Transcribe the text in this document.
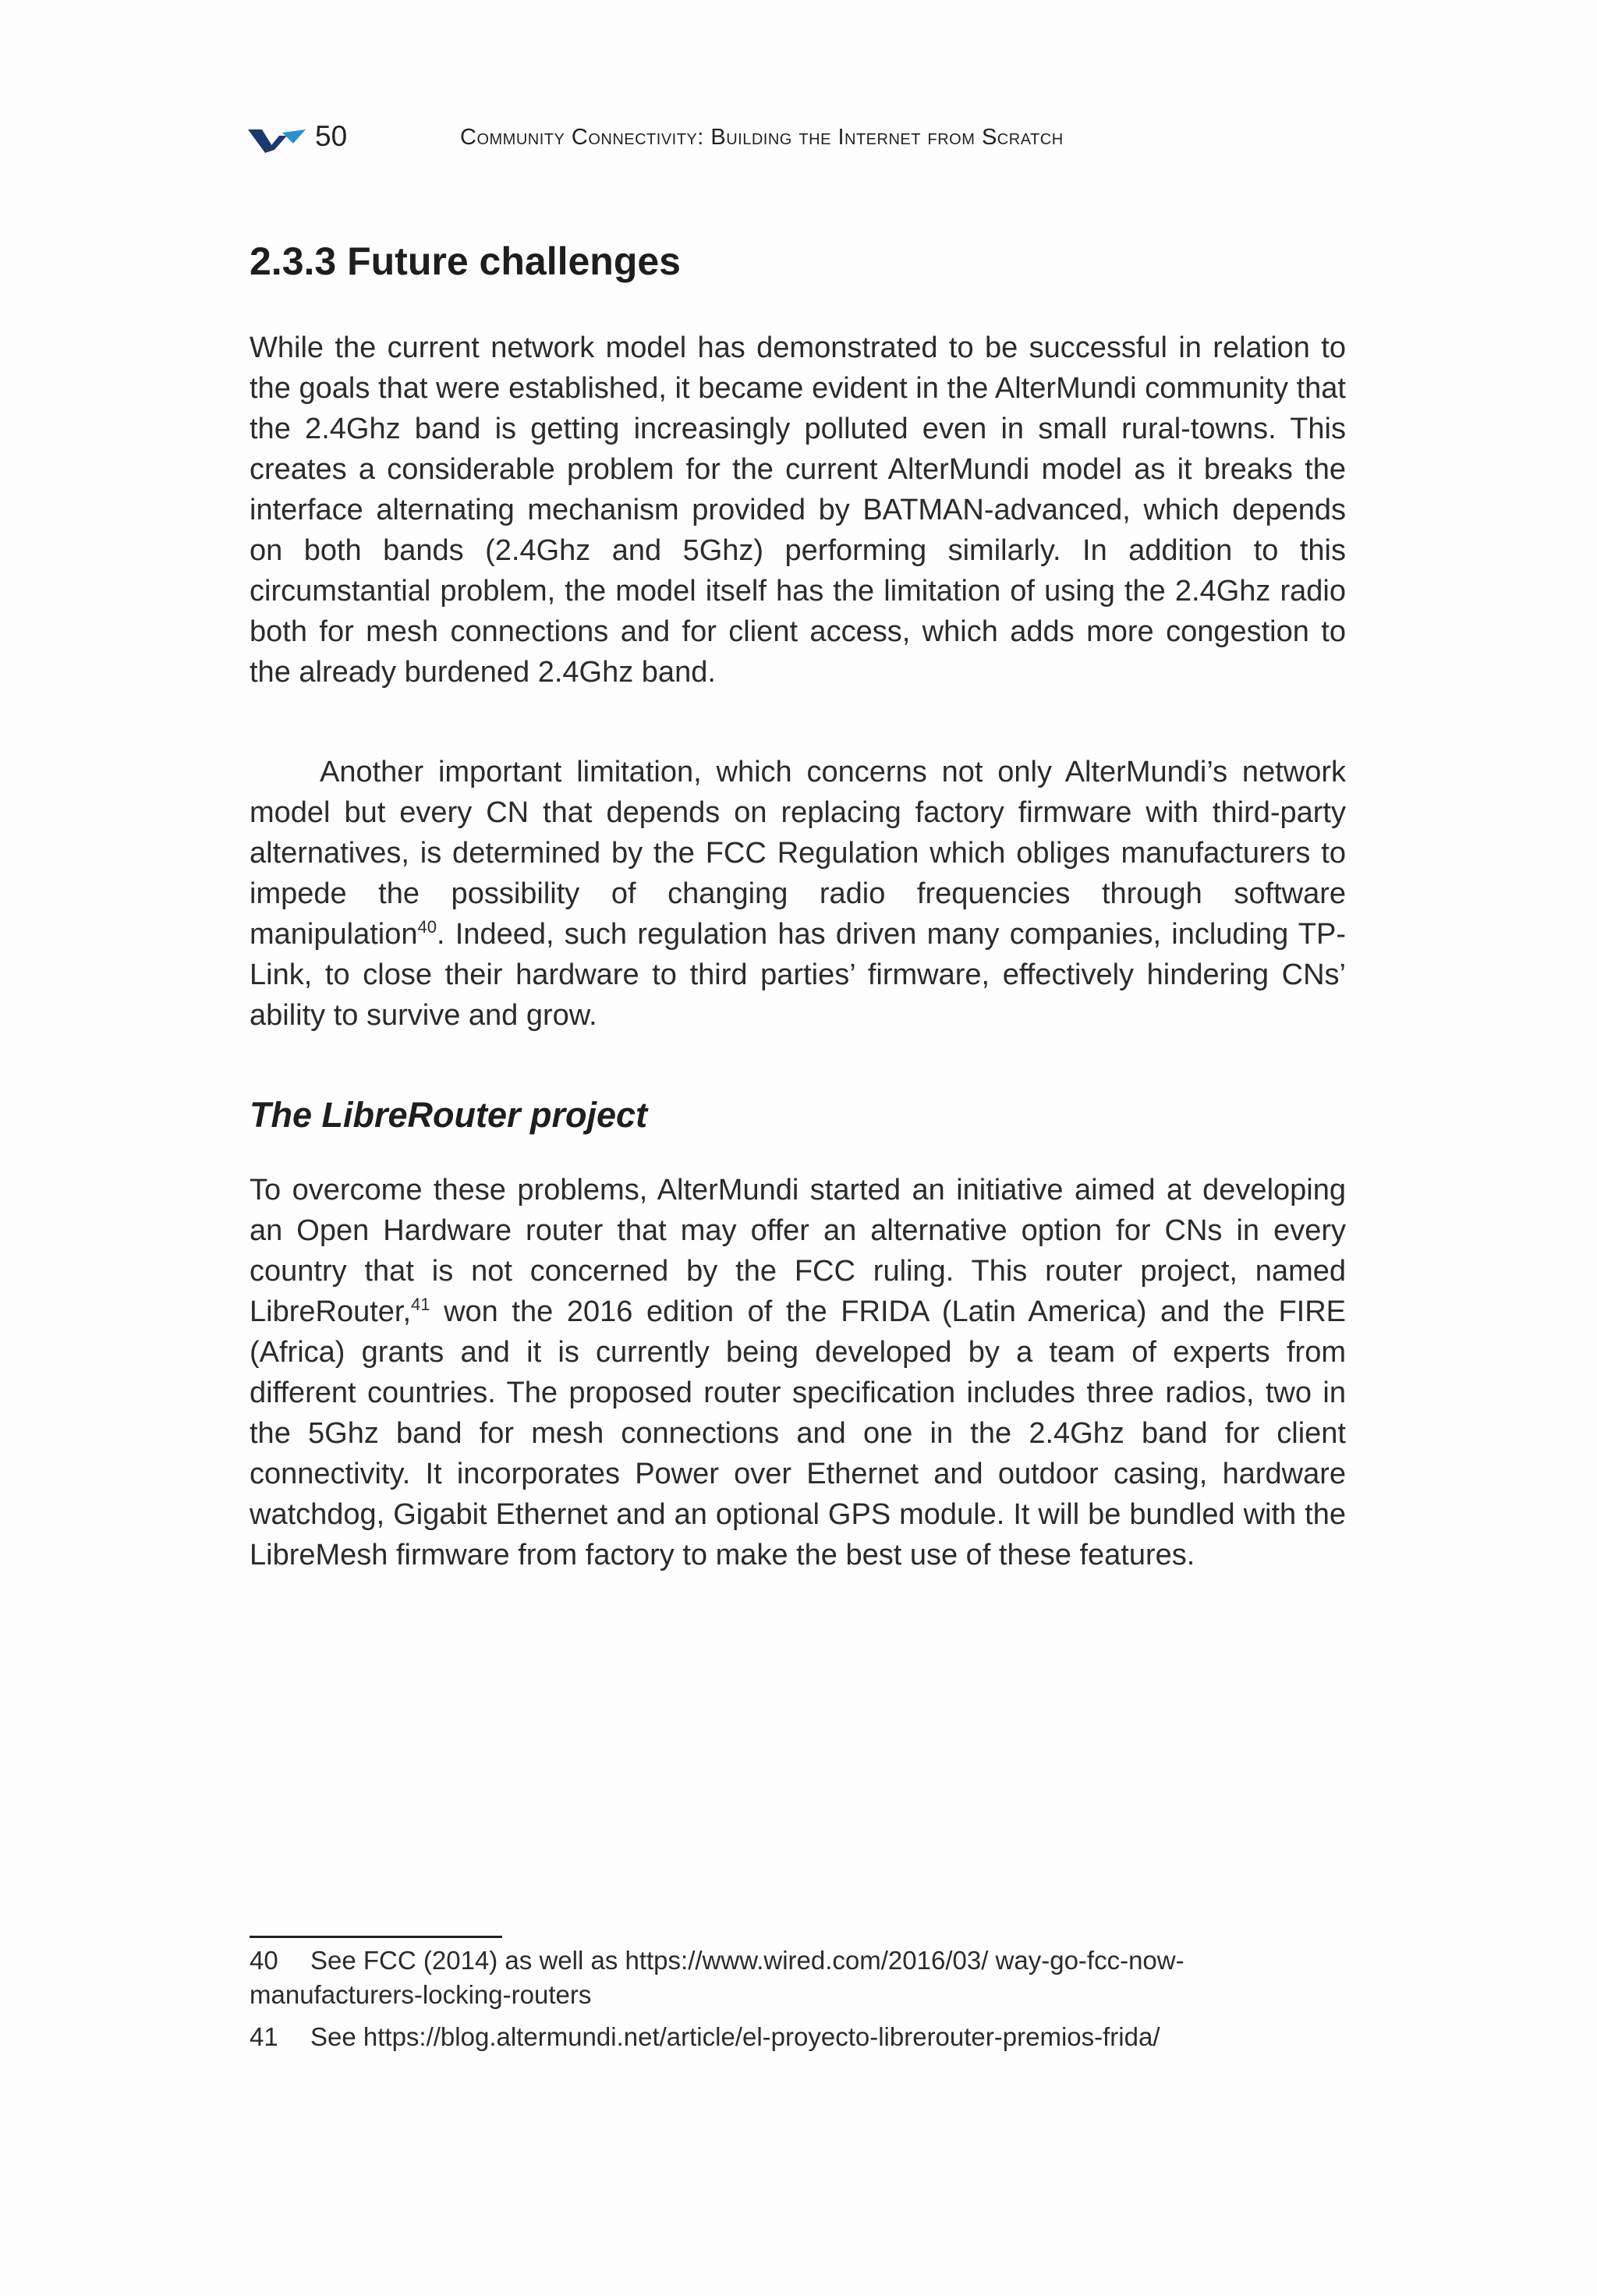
50	Community Connectivity: Building the Internet from Scratch
2.3.3 Future challenges

While the current network model has demonstrated to be successful in relation to the goals that were established, it became evident in the AlterMundi community that the 2.4Ghz band is getting increasingly polluted even in small rural-towns. This creates a considerable problem for the current AlterMundi model as it breaks the interface alternating mechanism provided by BATMAN-advanced, which depends on both bands (2.4Ghz and 5Ghz) performing similarly. In addition to this circumstantial problem, the model itself has the limitation of using the 2.4Ghz radio both for mesh connections and for client access, which adds more congestion to the already burdened 2.4Ghz band.

Another important limitation, which concerns not only AlterMundi’s network model but every CN that depends on replacing factory firmware with third-party alternatives, is determined by the FCC Regulation which obliges manufacturers to impede the possibility of changing radio frequencies through software manipulation$^{40}$. Indeed, such regulation has driven many companies, including TP-Link, to close their hardware to third parties’ firmware, effectively hindering CNs’ ability to survive and grow.

The LibreRouter project

To overcome these problems, AlterMundi started an initiative aimed at developing an Open Hardware router that may offer an alternative option for CNs in every country that is not concerned by the FCC ruling. This router project, named LibreRouter,$^{41}$ won the 2016 edition of the FRIDA (Latin America) and the FIRE (Africa) grants and it is currently being developed by a team of experts from different countries. The proposed router specification includes three radios, two in the 5Ghz band for mesh connections and one in the 2.4Ghz band for client connectivity. It incorporates Power over Ethernet and outdoor casing, hardware watchdog, Gigabit Ethernet and an optional GPS module. It will be bundled with the LibreMesh firmware from factory to make the best use of these features.

40 See FCC (2014) as well as https://www.wired.com/2016/03/ way-go-fcc-now-manufacturers-locking-routers

41 See https://blog.altermundi.net/article/el-proyecto-librerouter-premios-frida/
